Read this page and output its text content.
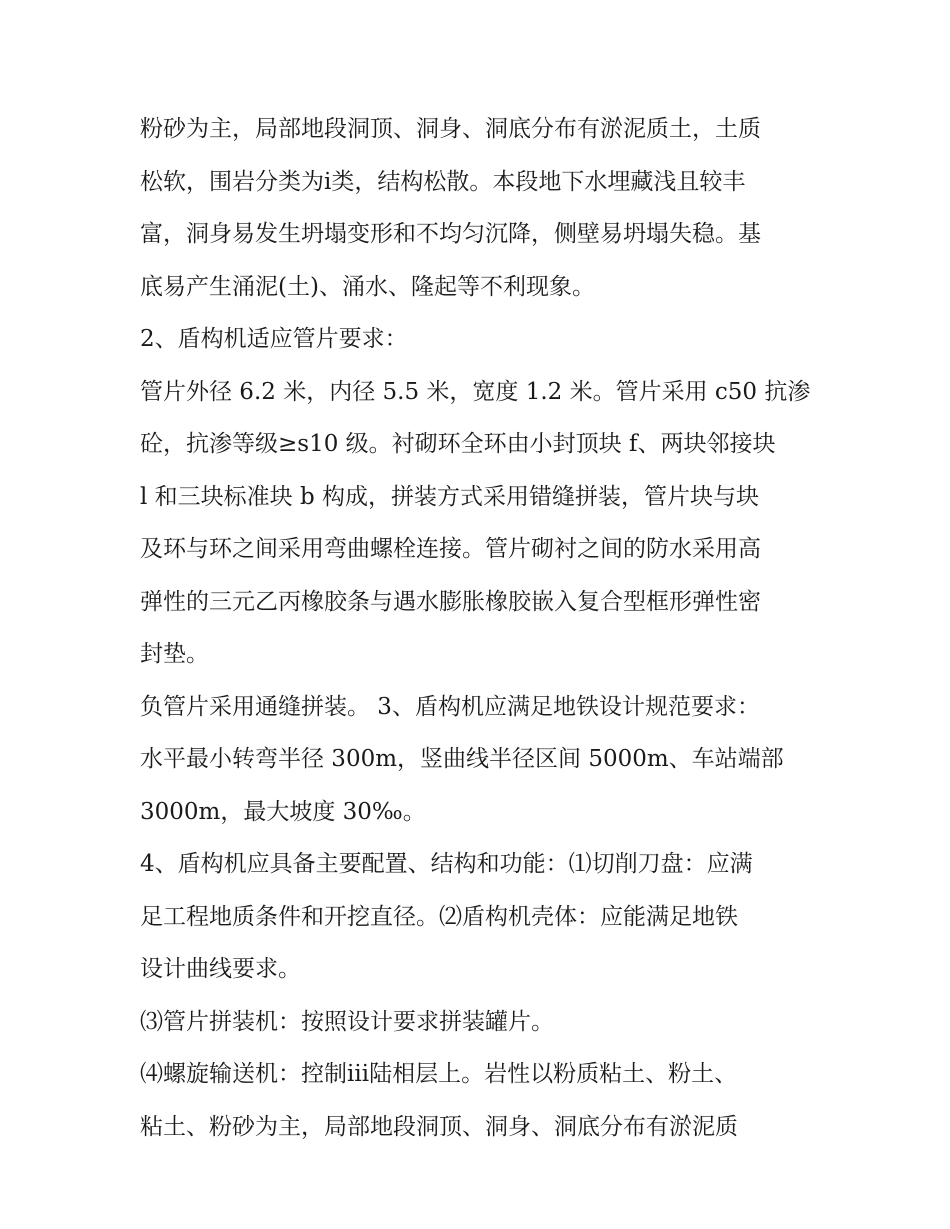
粉砂为主，局部地段洞顶、洞身、洞底分布有淤泥质土，土质
松软，围岩分类为ⅰ类，结构松散。本段地下水埋藏浅且较丰
富，洞身易发生坍塌变形和不均匀沉降，侧壁易坍塌失稳。基
底易产生涌泥(土)、涌水、隆起等不利现象。
2、盾构机适应管片要求：
管片外径 6.2 米，内径 5.5 米，宽度 1.2 米。管片采用 c50 抗渗
砼，抗渗等级≥s10 级。衬砌环全环由小封顶块 f、两块邻接块
l 和三块标准块 b 构成，拼装方式采用错缝拼装，管片块与块
及环与环之间采用弯曲螺栓连接。管片砌衬之间的防水采用高
弹性的三元乙丙橡胶条与遇水膨胀橡胶嵌入复合型框形弹性密
封垫。
负管片采用通缝拼装。 3、盾构机应满足地铁设计规范要求：
水平最小转弯半径 300m，竖曲线半径区间 5000m、车站端部
3000m，最大坡度 30‰。
4、盾构机应具备主要配置、结构和功能：⑴切削刀盘：应满
足工程地质条件和开挖直径。⑵盾构机壳体：应能满足地铁
设计曲线要求。
⑶管片拼装机：按照设计要求拼装罐片。
⑷螺旋输送机：控制ⅲ陆相层上。岩性以粉质粘土、粉土、
粘土、粉砂为主，局部地段洞顶、洞身、洞底分布有淤泥质
